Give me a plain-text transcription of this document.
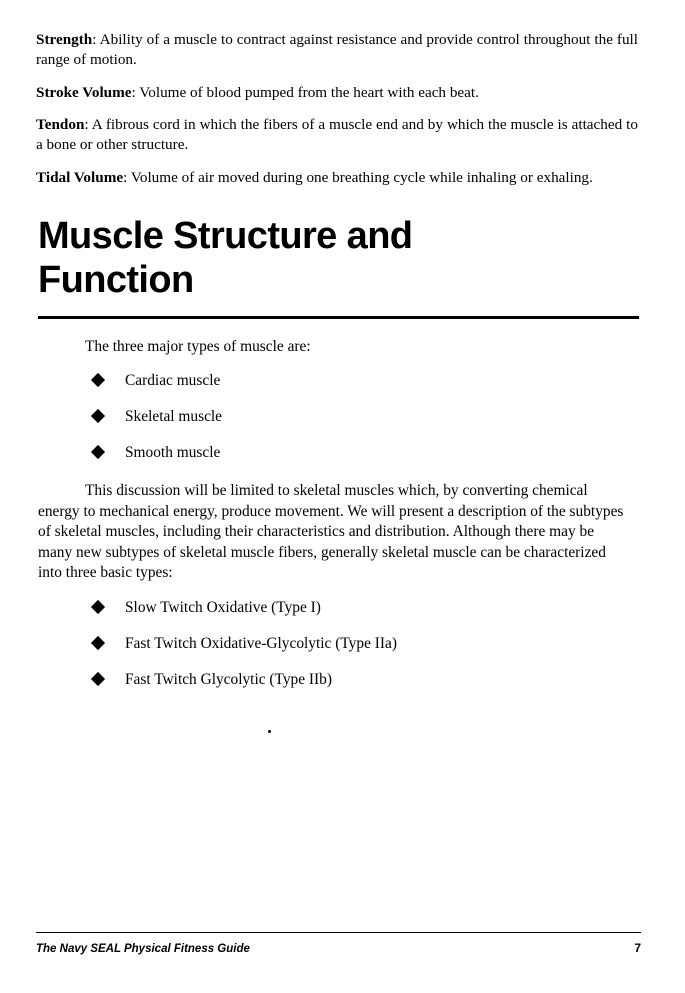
Strength: Ability of a muscle to contract against resistance and provide control throughout the full range of motion.

Stroke Volume: Volume of blood pumped from the heart with each beat.

Tendon: A fibrous cord in which the fibers of a muscle end and by which the muscle is attached to a bone or other structure.

Tidal Volume: Volume of air moved during one breathing cycle while inhaling or exhaling.

Muscle Structure and Function

The three major types of muscle are:

Cardiac muscle
Skeletal muscle
Smooth muscle

This discussion will be limited to skeletal muscles which, by converting chemical energy to mechanical energy, produce movement. We will present a description of the subtypes of skeletal muscles, including their characteristics and distribution. Although there may be many new subtypes of skeletal muscle fibers, generally skeletal muscle can be characterized into three basic types:

Slow Twitch Oxidative (Type I)
Fast Twitch Oxidative-Glycolytic (Type IIa)
Fast Twitch Glycolytic (Type IIb)
The Navy SEAL Physical Fitness Guide	7
